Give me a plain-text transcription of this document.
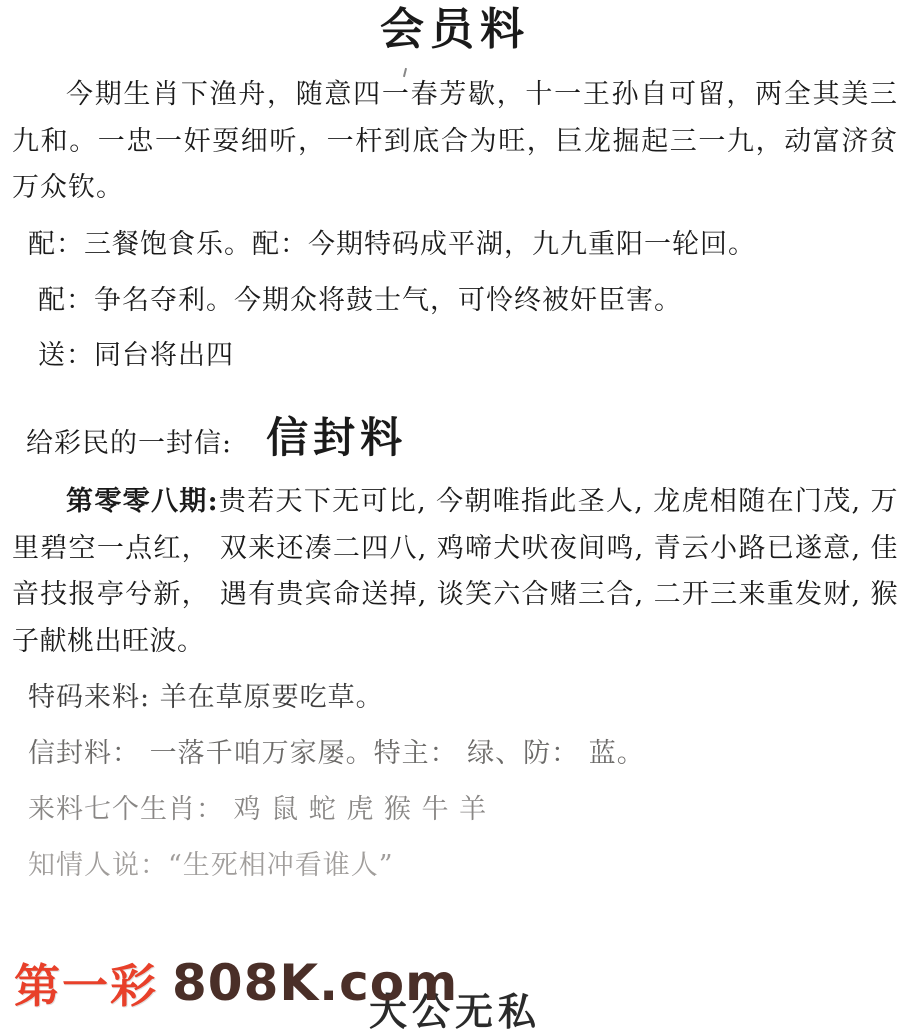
会员料
今期生肖下渔舟，随意四一春芳歇，十一王孙自可留，两全其美三九和。一忠一奸耍细听，一杆到底合为旺，巨龙掘起三一九，动富济贫万众钦。
配：三餐饱食乐。配：今期特码成平湖，九九重阳一轮回。
配：争名夺利。今期众将鼓士气，可怜终被奸臣害。
送：同台将出四
给彩民的一封信: 信封料
第零零八期:贵若天下无可比, 今朝唯指此圣人, 龙虎相随在门茂, 万里碧空一点红， 双来还凑二四八, 鸡啼犬吠夜间鸣, 青云小路已遂意, 佳音技报亭兮新， 遇有贵宾命送掉, 谈笑六合赌三合, 二开三来重发财, 猴子献桃出旺波。
特码来料: 羊在草原要吃草。
信封料： 一落千咱万家屡。特主： 绿、防： 蓝。
来料七个生肖： 鸡 鼠 蛇 虎 猴 牛 羊
知情人说：“生死相冲看谁人”
第一彩 808K.com
大公无私
